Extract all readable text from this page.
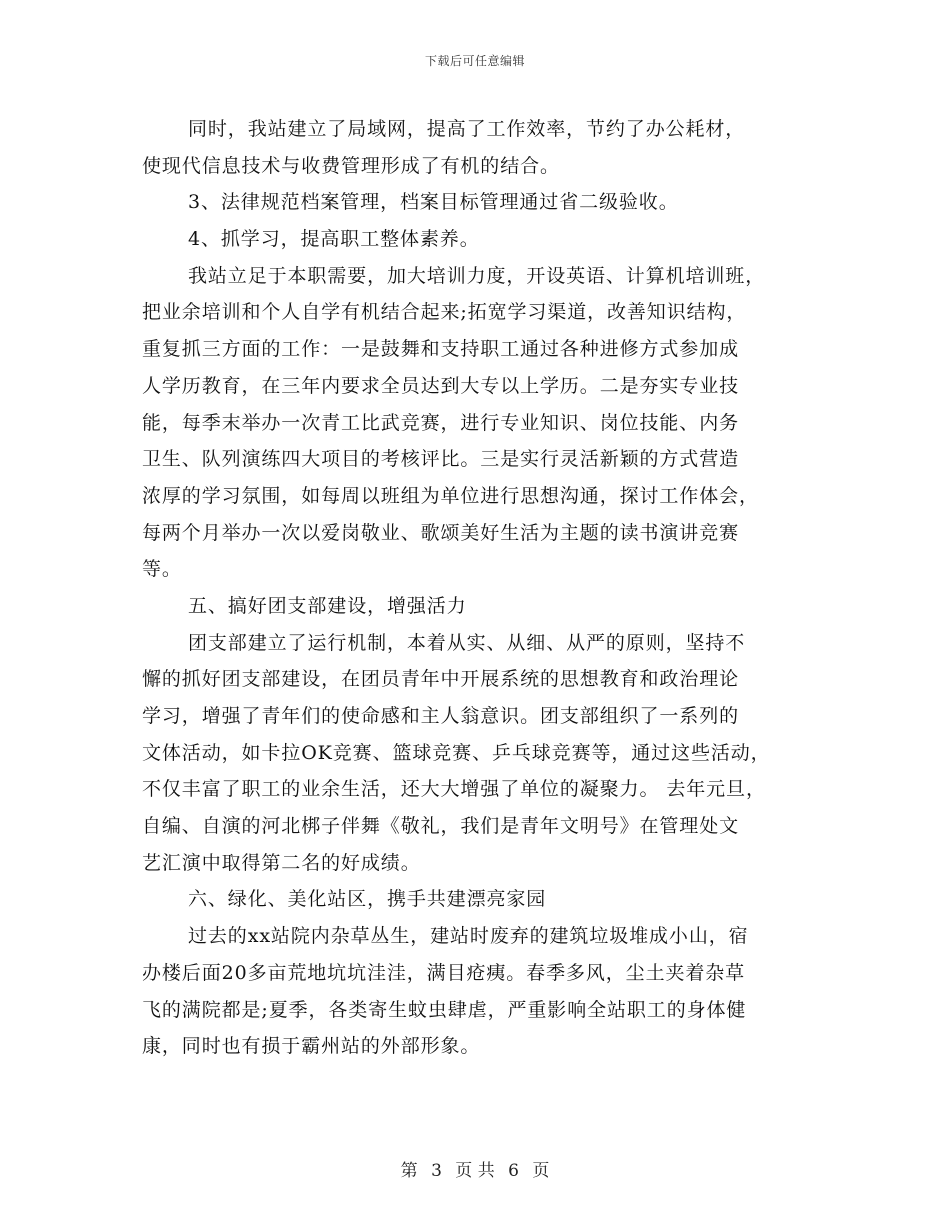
下载后可任意编辑
同时，我站建立了局域网，提高了工作效率，节约了办公耗材，
使现代信息技术与收费管理形成了有机的结合。
3、法律规范档案管理，档案目标管理通过省二级验收。
4、抓学习，提高职工整体素养。
我站立足于本职需要，加大培训力度，开设英语、计算机培训班，
把业余培训和个人自学有机结合起来;拓宽学习渠道，改善知识结构，
重复抓三方面的工作：一是鼓舞和支持职工通过各种进修方式参加成
人学历教育，在三年内要求全员达到大专以上学历。二是夯实专业技
能，每季末举办一次青工比武竞赛，进行专业知识、岗位技能、内务
卫生、队列演练四大项目的考核评比。三是实行灵活新颖的方式营造
浓厚的学习氛围，如每周以班组为单位进行思想沟通，探讨工作体会，
每两个月举办一次以爱岗敬业、歌颂美好生活为主题的读书演讲竞赛
等。
五、搞好团支部建设，增强活力
团支部建立了运行机制，本着从实、从细、从严的原则，坚持不
懈的抓好团支部建设，在团员青年中开展系统的思想教育和政治理论
学习，增强了青年们的使命感和主人翁意识。团支部组织了一系列的
文体活动，如卡拉OK竞赛、篮球竞赛、乒乓球竞赛等，通过这些活动，
不仅丰富了职工的业余生活，还大大增强了单位的凝聚力。 去年元旦，
自编、自演的河北梆子伴舞《敬礼，我们是青年文明号》在管理处文
艺汇演中取得第二名的好成绩。
六、绿化、美化站区，携手共建漂亮家园
过去的xx站院内杂草丛生，建站时废弃的建筑垃圾堆成小山，宿
办楼后面20多亩荒地坑坑洼洼，满目疮痍。春季多风，尘土夹着杂草
飞的满院都是;夏季，各类寄生蚊虫肆虐，严重影响全站职工的身体健
康，同时也有损于霸州站的外部形象。
第 3 页 共 6 页
